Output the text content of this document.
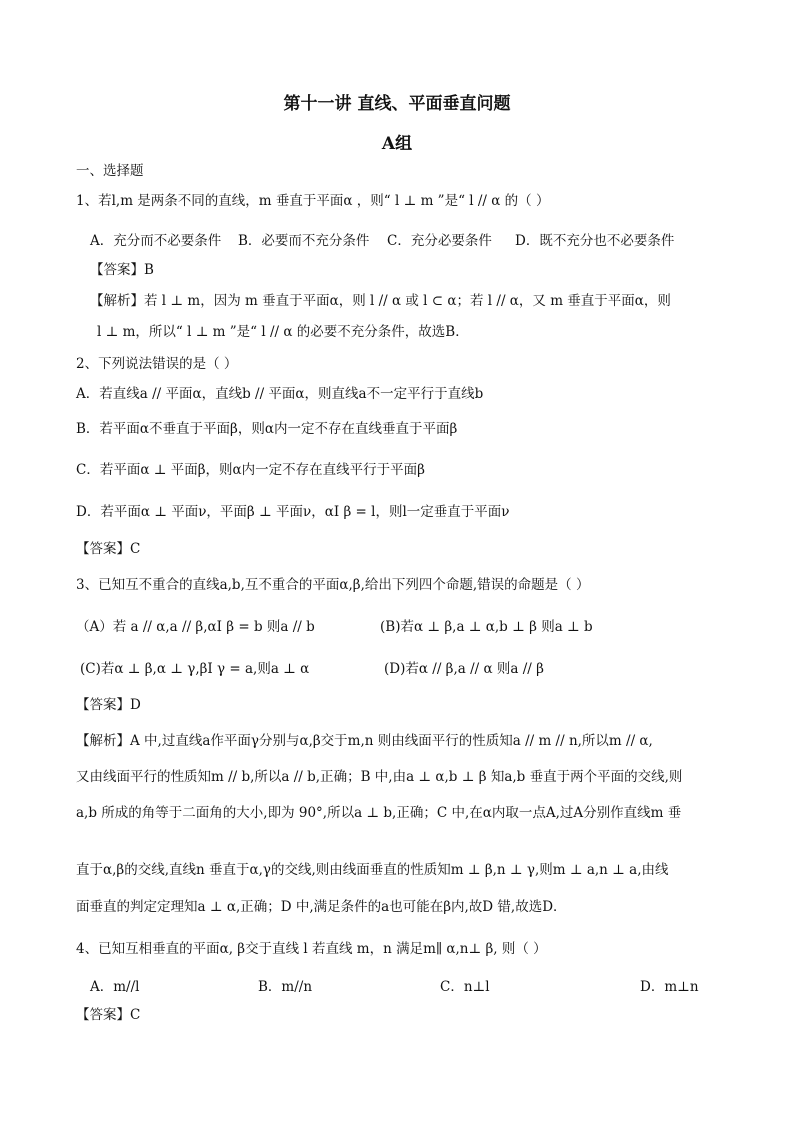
第十一讲 直线、平面垂直问题
A组
一、选择题
1、若l,m 是两条不同的直线，m 垂直于平面α ，则“ l ⊥ m ”是“ l // α 的（ ）
A．充分而不必要条件 B．必要而不充分条件 C．充分必要条件 D．既不充分也不必要条件
【答案】B
【解析】若 l ⊥ m，因为 m 垂直于平面α，则 l // α 或 l ⊂ α；若 l // α，又 m 垂直于平面α，则
l ⊥ m，所以“ l ⊥ m ”是“ l // α 的必要不充分条件，故选B．
2、下列说法错误的是（ ）
A．若直线a // 平面α，直线b // 平面α，则直线a不一定平行于直线b
B．若平面α不垂直于平面β，则α内一定不存在直线垂直于平面β
C．若平面α ⊥ 平面β，则α内一定不存在直线平行于平面β
D．若平面α ⊥ 平面ν，平面β ⊥ 平面ν，αI β = l，则l一定垂直于平面ν
【答案】C
3、已知互不重合的直线a,b,互不重合的平面α,β,给出下列四个命题,错误的命题是（ ）
（A）若 a // α,a // β,αI β = b 则a // b	(B)若α ⊥ β,a ⊥ α,b ⊥ β 则a ⊥ b
(C)若α ⊥ β,α ⊥ γ,βI γ = a,则a ⊥ α	(D)若α // β,a // α 则a // β
【答案】D
【解析】A 中,过直线a作平面γ分别与α,β交于m,n 则由线面平行的性质知a // m // n,所以m // α,
又由线面平行的性质知m // b,所以a // b,正确；B 中,由a ⊥ α,b ⊥ β 知a,b 垂直于两个平面的交线,则
a,b 所成的角等于二面角的大小,即为 90°,所以a ⊥ b,正确；C 中,在α内取一点A,过A分别作直线m 垂
直于α,β的交线,直线n 垂直于α,γ的交线,则由线面垂直的性质知m ⊥ β,n ⊥ γ,则m ⊥ a,n ⊥ a,由线
面垂直的判定定理知a ⊥ α,正确；D 中,满足条件的a也可能在β内,故D 错,故选D．
4、已知互相垂直的平面α, β交于直线 l 若直线 m，n 满足m∥ α,n⊥ β, 则（ ）
A．m//l	B．m//n	C．n⊥l	D．m⊥n
【答案】C
